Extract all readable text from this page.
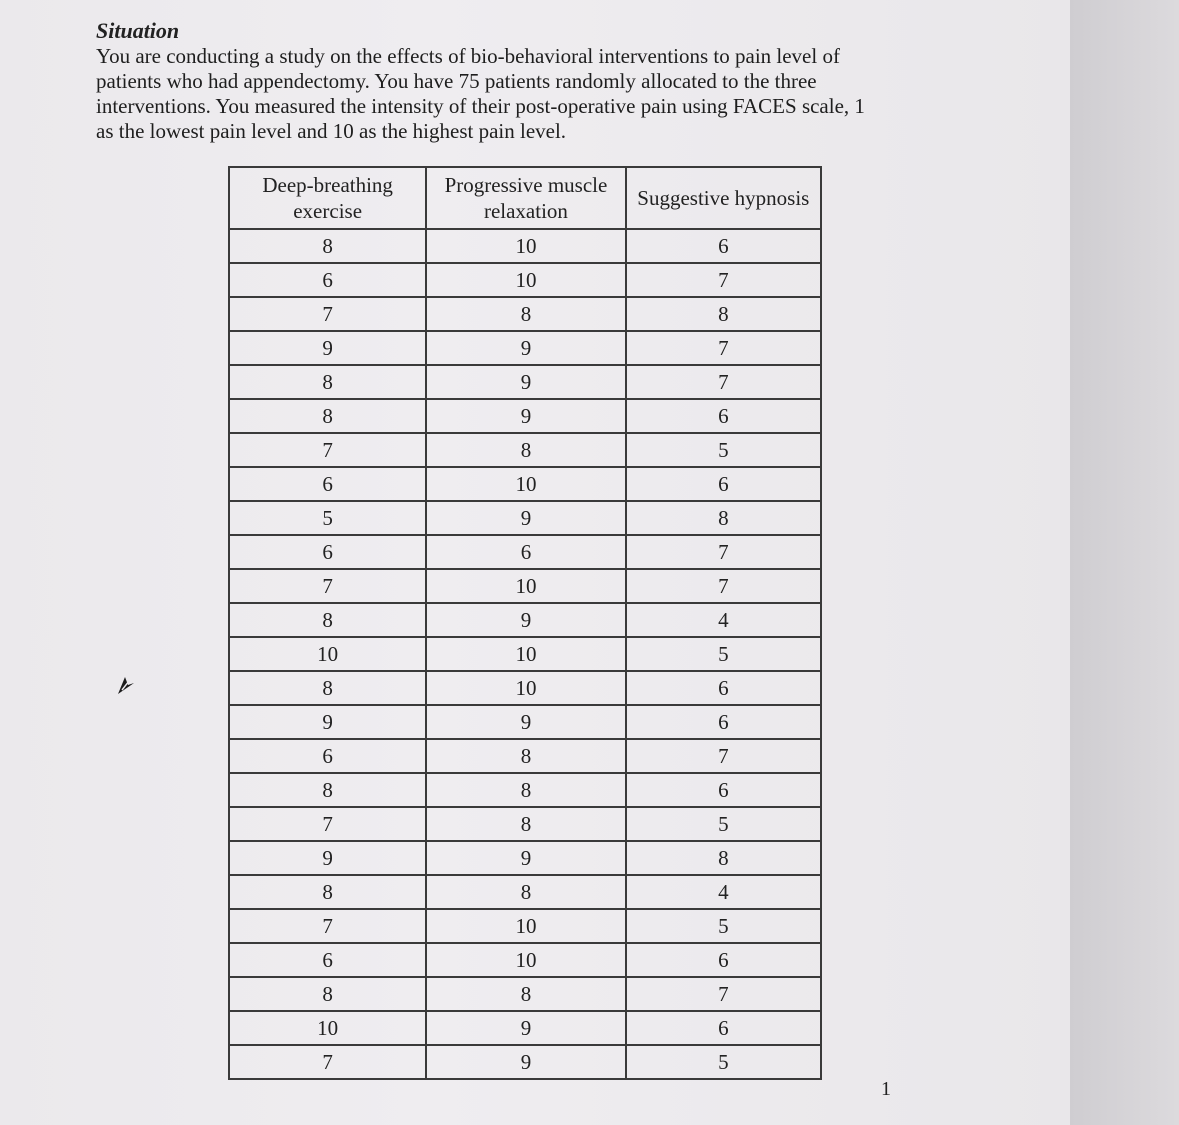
Situation

You are conducting a study on the effects of bio-behavioral interventions to pain level of patients who had appendectomy. You have 75 patients randomly allocated to the three interventions. You measured the intensity of their post-operative pain using FACES scale, 1 as the lowest pain level and 10 as the highest pain level.

Deep-breathing exercise	Progressive muscle relaxation	Suggestive hypnosis
8	10	6
6	10	7
7	8	8
9	9	7
8	9	7
8	9	6
7	8	5
6	10	6
5	9	8
6	6	7
7	10	7
8	9	4
10	10	5
8	10	6
9	9	6
6	8	7
8	8	6
7	8	5
9	9	8
8	8	4
7	10	5
6	10	6
8	8	7
10	9	6
7	9	5
1
